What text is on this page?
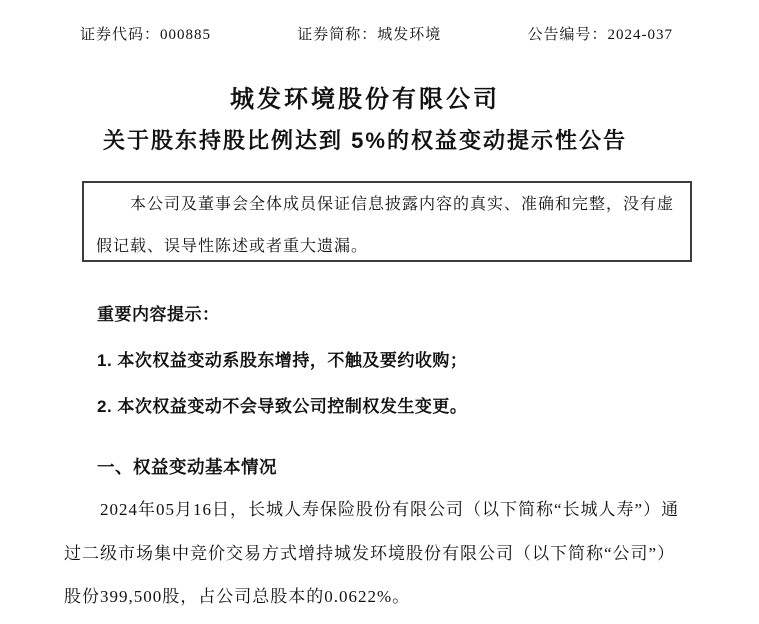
证券代码：000885	证券简称：城发环境	公告编号：2024-037
城发环境股份有限公司
关于股东持股比例达到 5%的权益变动提示性公告
本公司及董事会全体成员保证信息披露内容的真实、准确和完整，没有虚
假记载、误导性陈述或者重大遗漏。
重要内容提示：
1. 本次权益变动系股东增持，不触及要约收购；
2. 本次权益变动不会导致公司控制权发生变更。
一、权益变动基本情况
2024年05月16日，长城人寿保险股份有限公司（以下简称“长城人寿”）通
过二级市场集中竞价交易方式增持城发环境股份有限公司（以下简称“公司”）
股份399,500股，占公司总股本的0.0622%。
